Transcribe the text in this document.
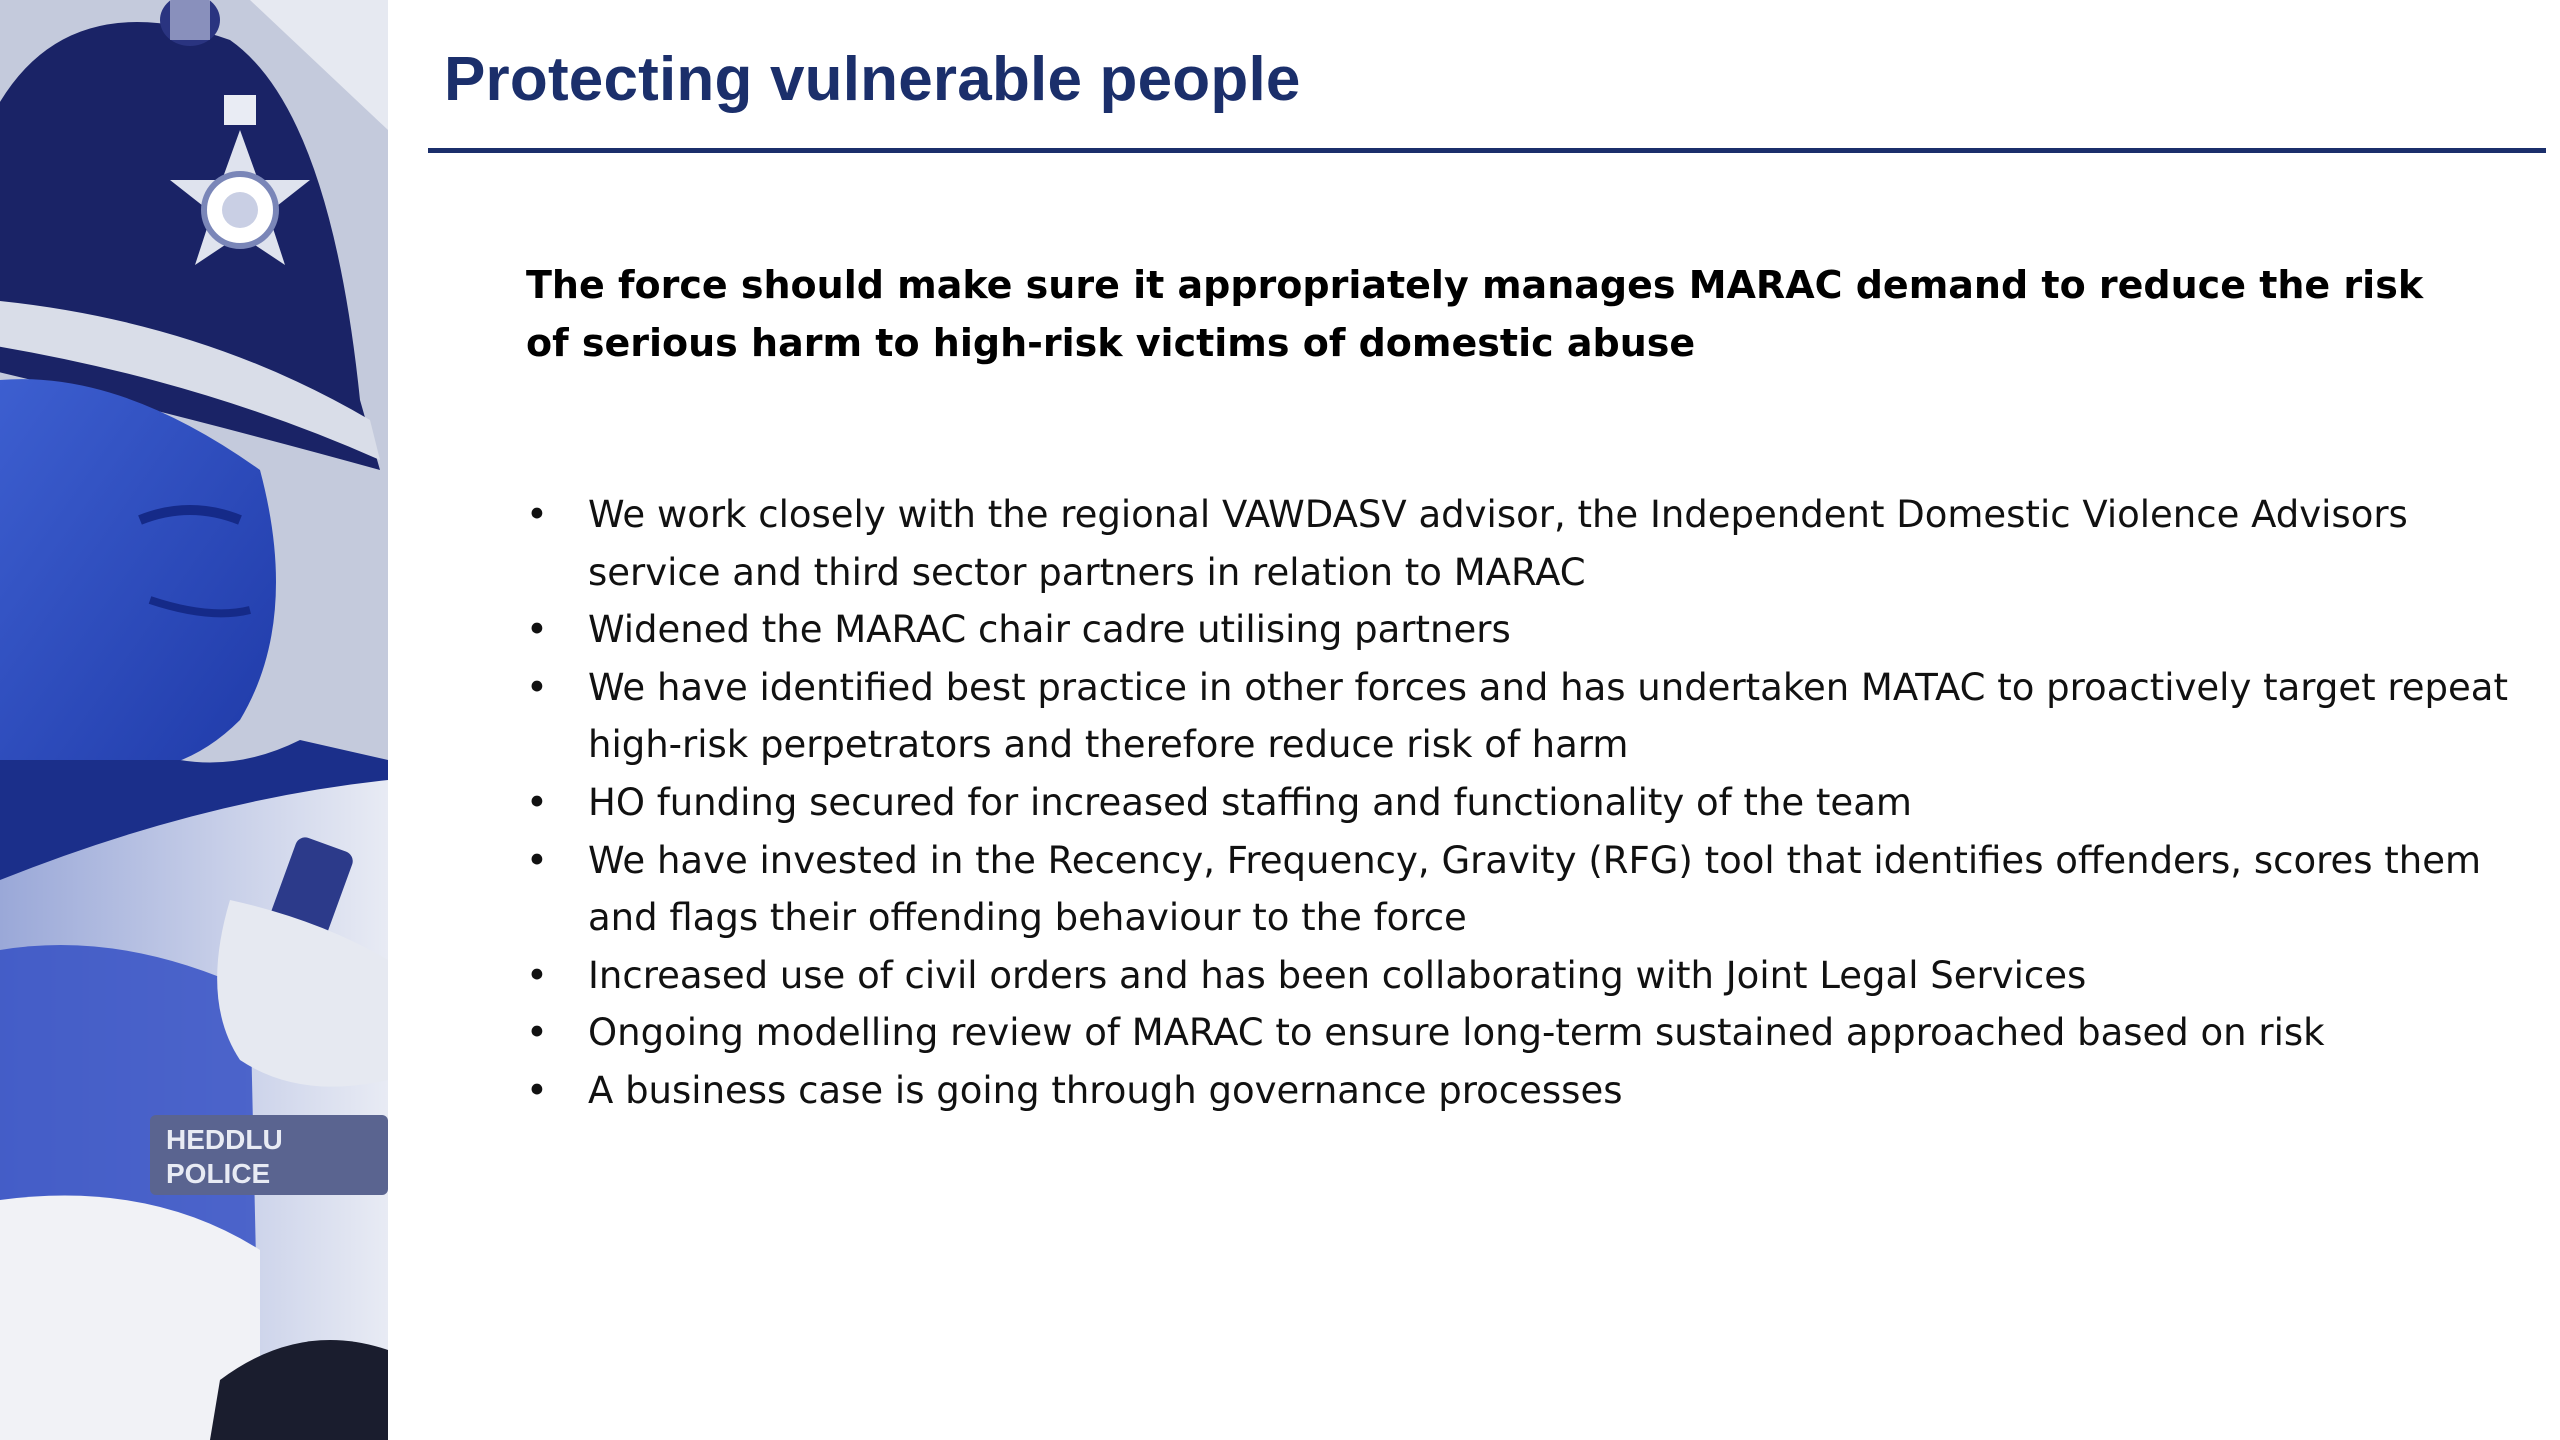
HEDDLU
POLICE
Protecting vulnerable people

The force should make sure it appropriately manages MARAC demand to reduce the risk of serious harm to high-risk victims of domestic abuse

• We work closely with the regional VAWDASV advisor, the Independent Domestic Violence Advisors service and third sector partners in relation to MARAC
• Widened the MARAC chair cadre utilising partners
• We have identified best practice in other forces and has undertaken MATAC to proactively target repeat high-risk perpetrators and therefore reduce risk of harm
• HO funding secured for increased staffing and functionality of the team
• We have invested in the Recency, Frequency, Gravity (RFG) tool that identifies offenders, scores them and flags their offending behaviour to the force
• Increased use of civil orders and has been collaborating with Joint Legal Services
• Ongoing modelling review of MARAC to ensure long-term sustained approached based on risk
• A business case is going through governance processes
